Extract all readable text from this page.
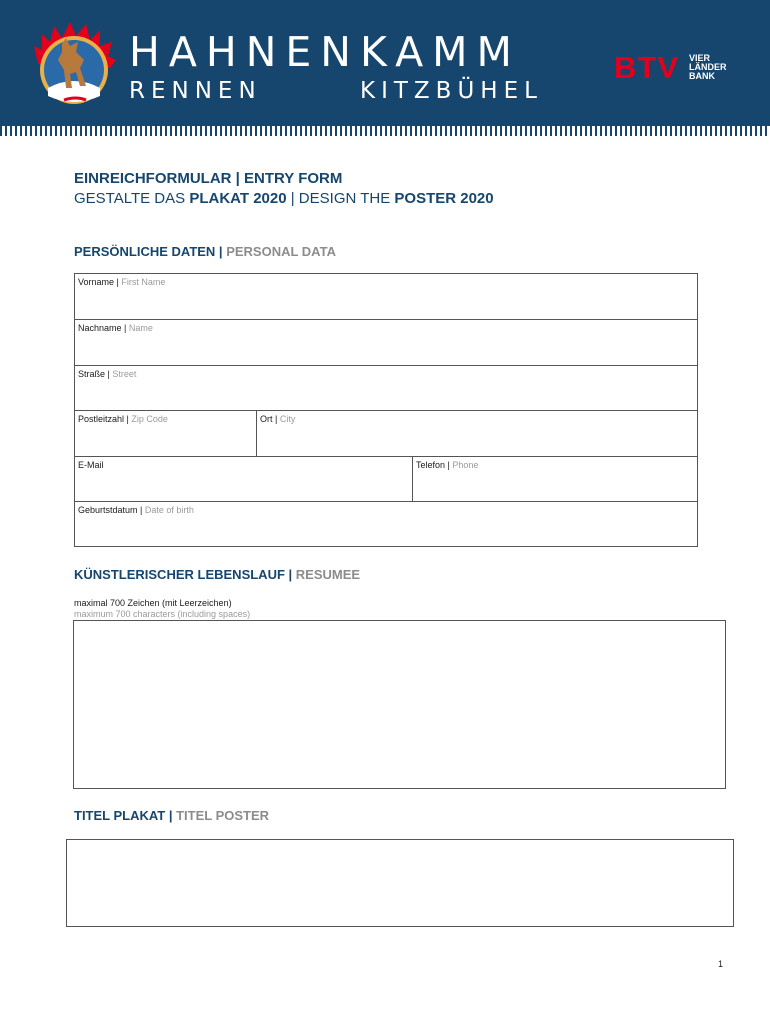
HAHNENKAMM
RENNEN	KITZBÜHEL
BTV VIER
LÄNDER
BANK
EINREICHFORMULAR | ENTRY FORM
GESTALTE DAS PLAKAT 2020 | DESIGN THE POSTER 2020
PERSÖNLICHE DATEN | PERSONAL DATA
Vorname | First Name
Nachname | Name
Straße | Street
Postleitzahl | Zip Code	Ort | City
E-Mail	Telefon | Phone
Geburtstdatum | Date of birth
KÜNSTLERISCHER LEBENSLAUF | RESUMEE
maximal 700 Zeichen (mit Leerzeichen)
maximum 700 characters (including spaces)
TITEL PLAKAT | TITEL POSTER
1
